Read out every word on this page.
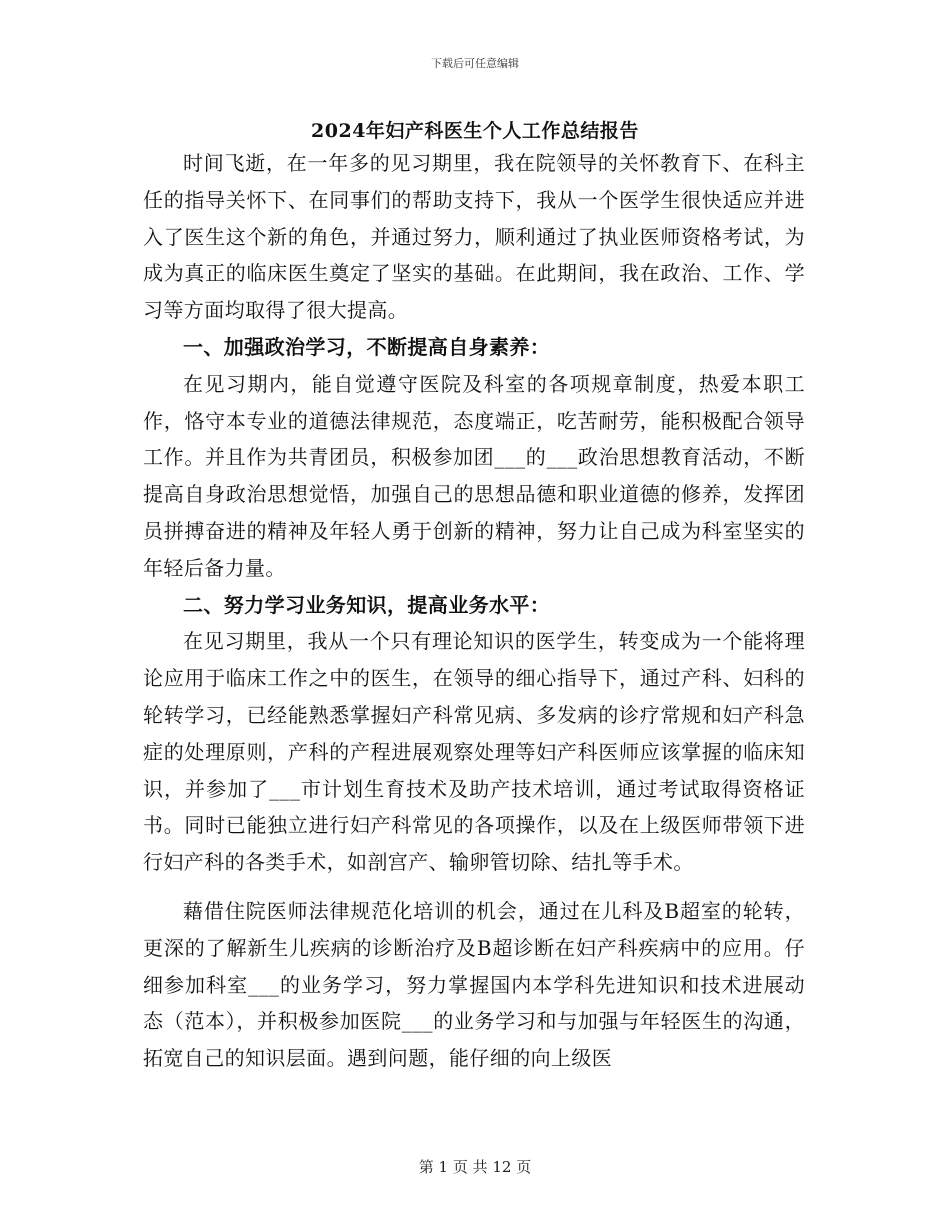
下载后可任意编辑
2024年妇产科医生个人工作总结报告

时间飞逝，在一年多的见习期里，我在院领导的关怀教育下、在科主任的指导关怀下、在同事们的帮助支持下，我从一个医学生很快适应并进入了医生这个新的角色，并通过努力，顺利通过了执业医师资格考试，为成为真正的临床医生奠定了坚实的基础。在此期间，我在政治、工作、学习等方面均取得了很大提高。

一、加强政治学习，不断提高自身素养：

在见习期内，能自觉遵守医院及科室的各项规章制度，热爱本职工作，恪守本专业的道德法律规范，态度端正，吃苦耐劳，能积极配合领导工作。并且作为共青团员，积极参加团___的___政治思想教育活动，不断提高自身政治思想觉悟，加强自己的思想品德和职业道德的修养，发挥团员拼搏奋进的精神及年轻人勇于创新的精神，努力让自己成为科室坚实的年轻后备力量。

二、努力学习业务知识，提高业务水平：

在见习期里，我从一个只有理论知识的医学生，转变成为一个能将理论应用于临床工作之中的医生，在领导的细心指导下，通过产科、妇科的轮转学习，已经能熟悉掌握妇产科常见病、多发病的诊疗常规和妇产科急症的处理原则，产科的产程进展观察处理等妇产科医师应该掌握的临床知识，并参加了___市计划生育技术及助产技术培训，通过考试取得资格证书。同时已能独立进行妇产科常见的各项操作，以及在上级医师带领下进行妇产科的各类手术，如剖宫产、输卵管切除、结扎等手术。

藉借住院医师法律规范化培训的机会，通过在儿科及B超室的轮转，更深的了解新生儿疾病的诊断治疗及B超诊断在妇产科疾病中的应用。仔细参加科室___的业务学习，努力掌握国内本学科先进知识和技术进展动态（范本），并积极参加医院___的业务学习和与加强与年轻医生的沟通，拓宽自己的知识层面。遇到问题，能仔细的向上级医

第 1 页 共 12 页
